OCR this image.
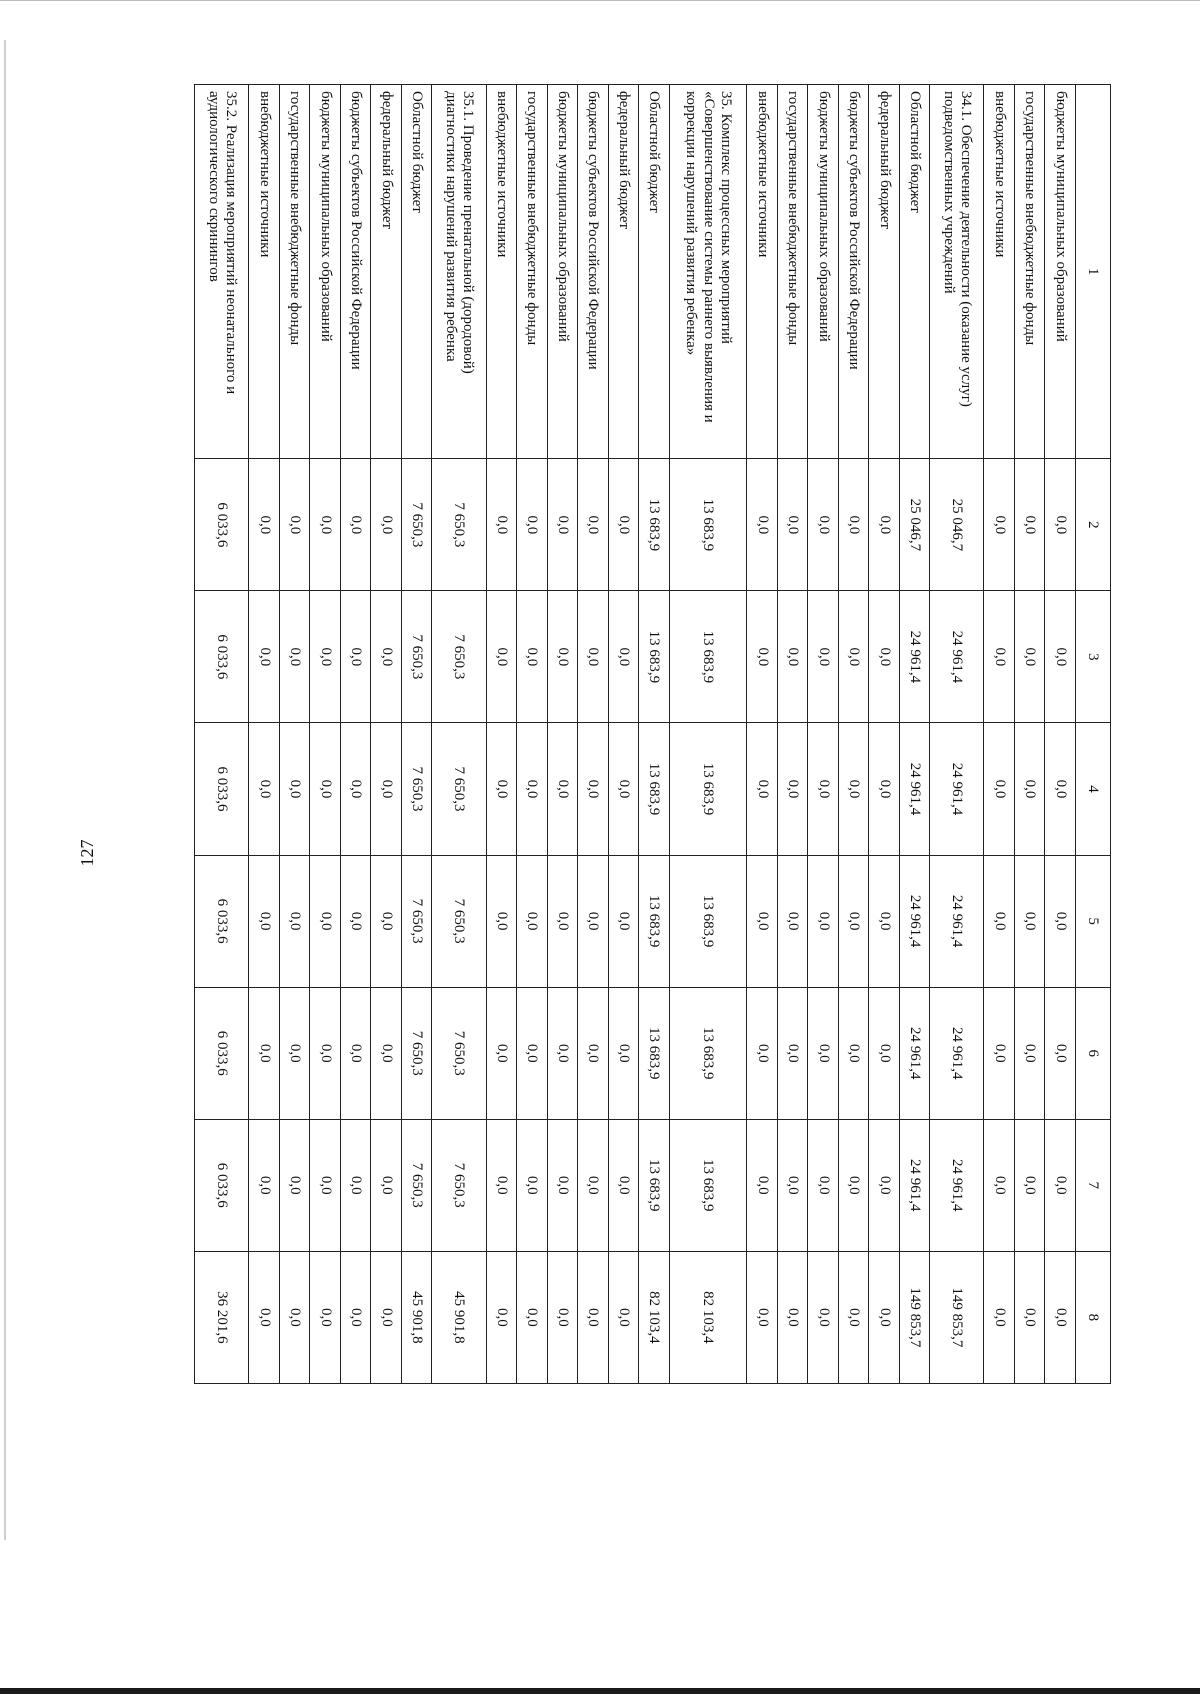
127
1	2	3	4	5	6	7	8
бюджеты муниципальных образований	0,0	0,0	0,0	0,0	0,0	0,0	0,0
государственные внебюджетные фонды	0,0	0,0	0,0	0,0	0,0	0,0	0,0
внебюджетные источники	0,0	0,0	0,0	0,0	0,0	0,0	0,0
34.1. Обеспечение деятельности (оказание услуг) подведомственных учреждений	25 046,7	24 961,4	24 961,4	24 961,4	24 961,4	24 961,4	149 853,7
Областной бюджет	25 046,7	24 961,4	24 961,4	24 961,4	24 961,4	24 961,4	149 853,7
федеральный бюджет	0,0	0,0	0,0	0,0	0,0	0,0	0,0
бюджеты субъектов Российской Федерации	0,0	0,0	0,0	0,0	0,0	0,0	0,0
бюджеты муниципальных образований	0,0	0,0	0,0	0,0	0,0	0,0	0,0
государственные внебюджетные фонды	0,0	0,0	0,0	0,0	0,0	0,0	0,0
внебюджетные источники	0,0	0,0	0,0	0,0	0,0	0,0	0,0
35. Комплекс процессных мероприятий «Совершенствование системы раннего выявления и коррекции нарушений развития ребенка»	13 683,9	13 683,9	13 683,9	13 683,9	13 683,9	13 683,9	82 103,4
Областной бюджет	13 683,9	13 683,9	13 683,9	13 683,9	13 683,9	13 683,9	82 103,4
федеральный бюджет	0,0	0,0	0,0	0,0	0,0	0,0	0,0
бюджеты субъектов Российской Федерации	0,0	0,0	0,0	0,0	0,0	0,0	0,0
бюджеты муниципальных образований	0,0	0,0	0,0	0,0	0,0	0,0	0,0
государственные внебюджетные фонды	0,0	0,0	0,0	0,0	0,0	0,0	0,0
внебюджетные источники	0,0	0,0	0,0	0,0	0,0	0,0	0,0
35.1. Проведение пренатальной (дородовой) диагностики нарушений развития ребенка	7 650,3	7 650,3	7 650,3	7 650,3	7 650,3	7 650,3	45 901,8
Областной бюджет	7 650,3	7 650,3	7 650,3	7 650,3	7 650,3	7 650,3	45 901,8
федеральный бюджет	0,0	0,0	0,0	0,0	0,0	0,0	0,0
бюджеты субъектов Российской Федерации	0,0	0,0	0,0	0,0	0,0	0,0	0,0
бюджеты муниципальных образований	0,0	0,0	0,0	0,0	0,0	0,0	0,0
государственные внебюджетные фонды	0,0	0,0	0,0	0,0	0,0	0,0	0,0
внебюджетные источники	0,0	0,0	0,0	0,0	0,0	0,0	0,0
35.2. Реализация мероприятий неонатального и аудиологического скринингов	6 033,6	6 033,6	6 033,6	6 033,6	6 033,6	6 033,6	36 201,6
